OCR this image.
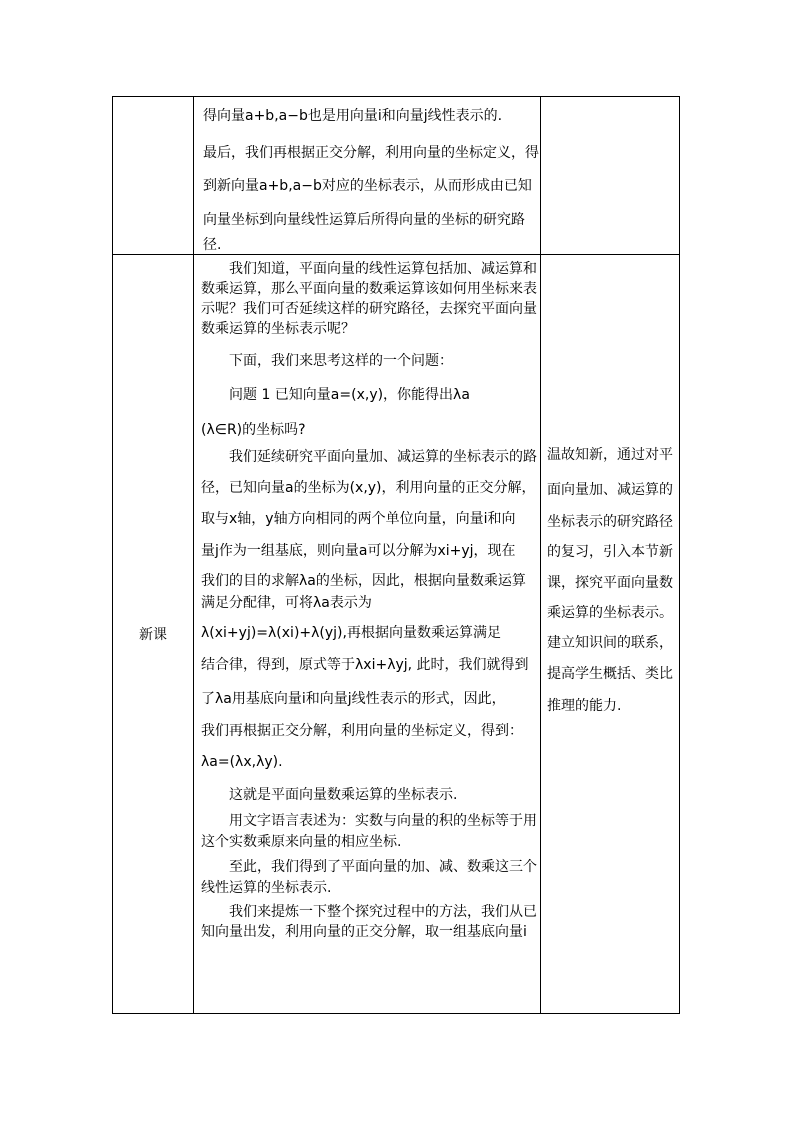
得向量a+b,a−b也是用向量i和向量j线性表示的.
最后，我们再根据正交分解，利用向量的坐标定义，得
到新向量a+b,a−b对应的坐标表示，从而形成由已知
向量坐标到向量线性运算后所得向量的坐标的研究路
径.
新课
我们知道，平面向量的线性运算包括加、减运算和
数乘运算，那么平面向量的数乘运算该如何用坐标来表
示呢？我们可否延续这样的研究路径，去探究平面向量
数乘运算的坐标表示呢？
下面，我们来思考这样的一个问题：
问题 1 已知向量a=(x,y)，你能得出λa
(λ∈R)的坐标吗?
我们延续研究平面向量加、减运算的坐标表示的路
径，已知向量a的坐标为(x,y)，利用向量的正交分解，
取与x轴，y轴方向相同的两个单位向量，向量i和向
量j作为一组基底，则向量a可以分解为xi+yj，现在
我们的目的求解λa的坐标，因此，根据向量数乘运算
满足分配律，可将λa表示为
λ(xi+yj)=λ(xi)+λ(yj),再根据向量数乘运算满足
结合律，得到，原式等于λxi+λyj, 此时，我们就得到
了λa用基底向量i和向量j线性表示的形式，因此，
我们再根据正交分解，利用向量的坐标定义，得到：
λa=(λx,λy).
这就是平面向量数乘运算的坐标表示.
用文字语言表述为：实数与向量的积的坐标等于用
这个实数乘原来向量的相应坐标.
至此，我们得到了平面向量的加、减、数乘这三个
线性运算的坐标表示.
我们来提炼一下整个探究过程中的方法，我们从已
知向量出发，利用向量的正交分解，取一组基底向量i
温故知新，通过对平
面向量加、减运算的
坐标表示的研究路径
的复习，引入本节新
课，探究平面向量数
乘运算的坐标表示。
建立知识间的联系，
提高学生概括、类比
推理的能力.
